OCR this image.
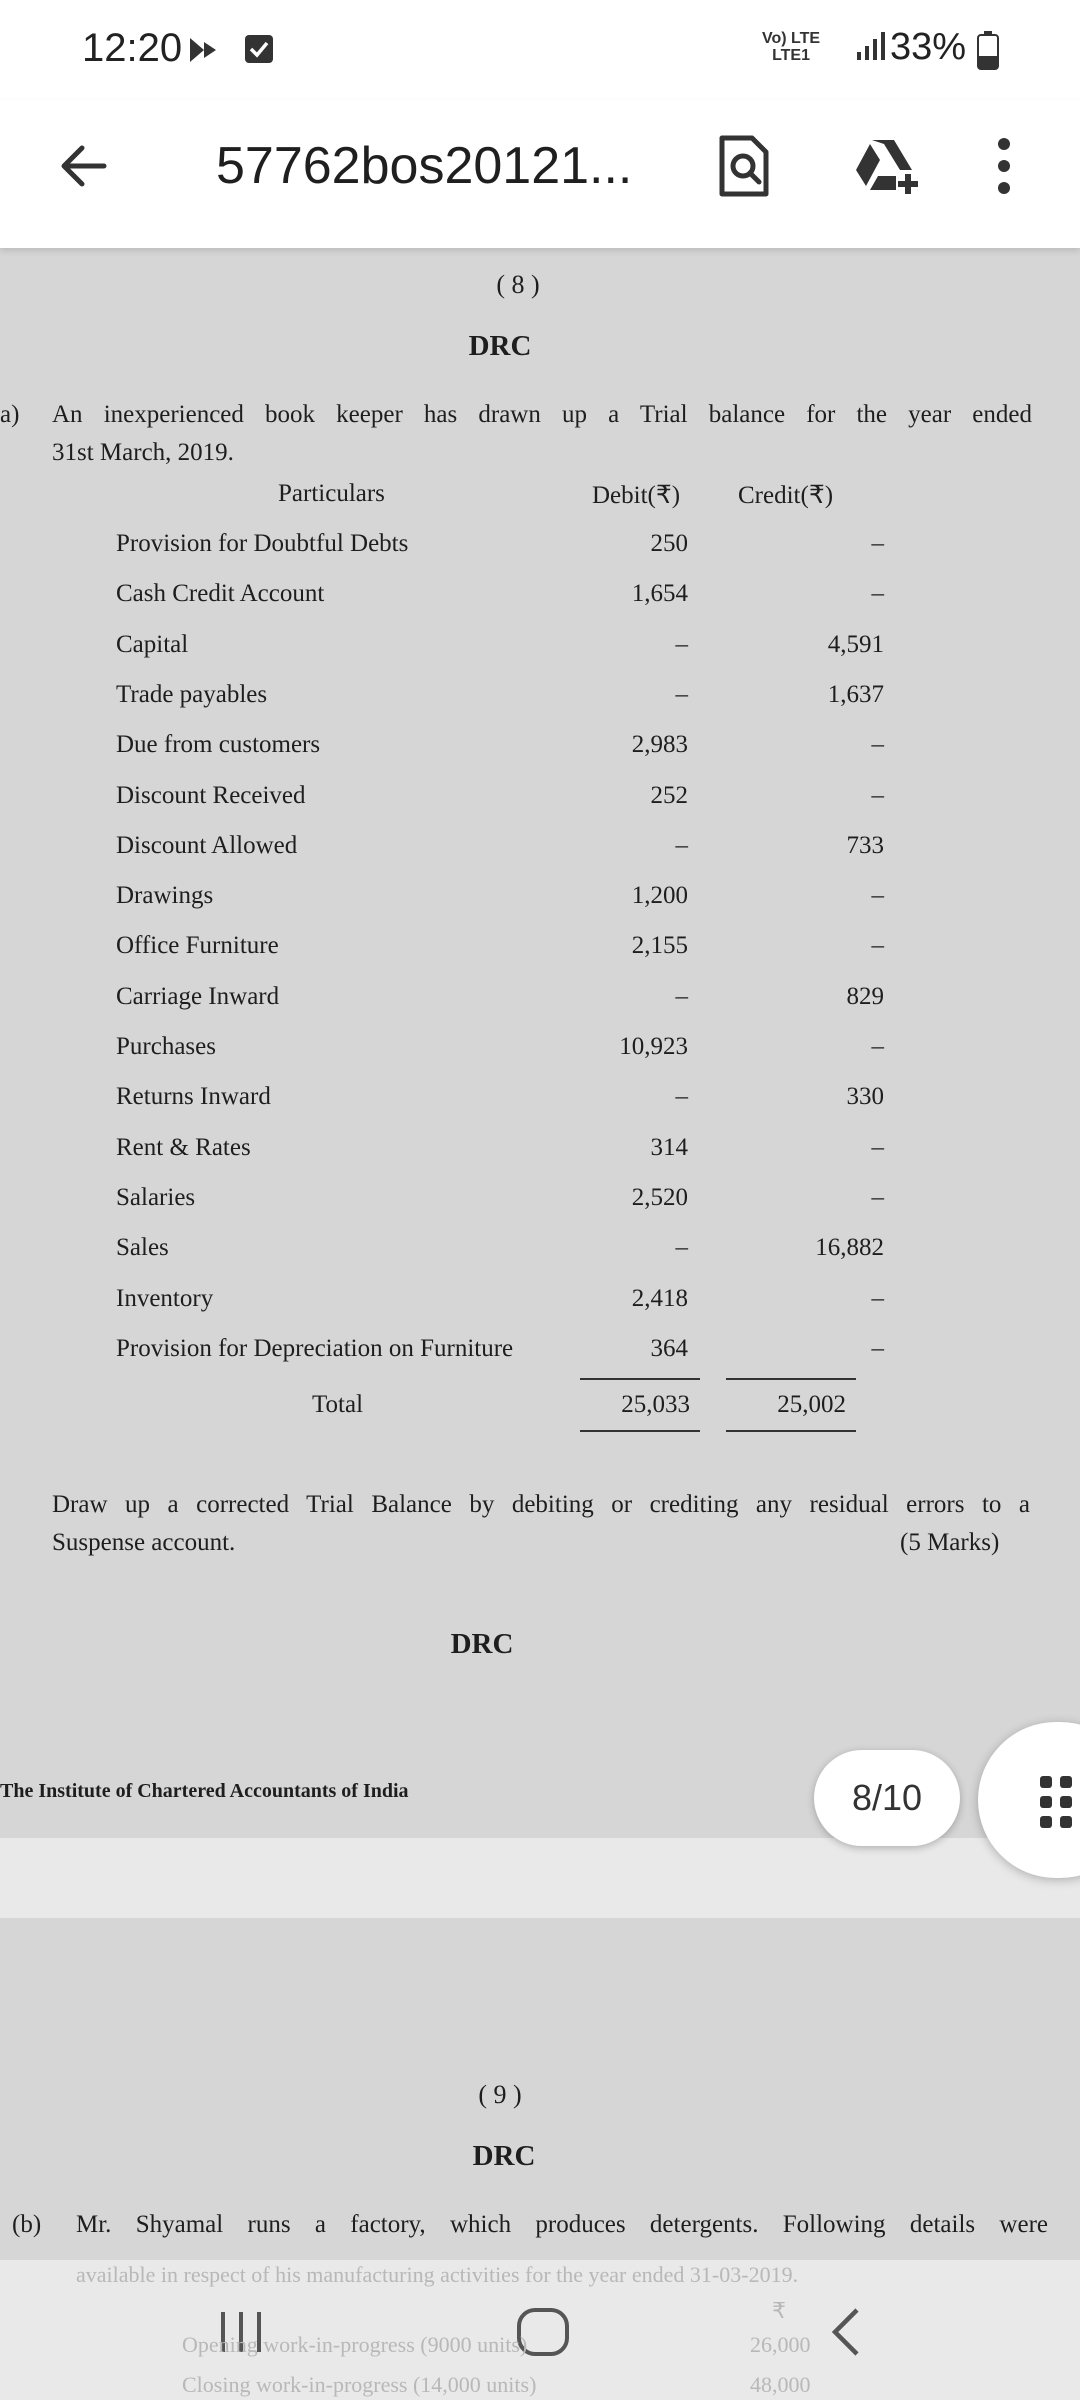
12:20	Vo) LTE
LTE1 33%
57762bos20121...
( 8 )
DRC
a) An inexperienced book keeper has drawn up a Trial balance for the year ended
31st March, 2019.
Particulars	Debit(₹) Credit(₹)
Provision for Doubtful Debts	250	–
Cash Credit Account	1,654	–
Capital	–	4,591
Trade payables	–	1,637
Due from customers	2,983	–
Discount Received	252	–
Discount Allowed	–	733
Drawings	1,200	–
Office Furniture	2,155	–
Carriage Inward	–	829
Purchases	10,923	–
Returns Inward	–	330
Rent & Rates	314	–
Salaries	2,520	–
Sales	–	16,882
Inventory	2,418	–
Provision for Depreciation on Furniture	364	–
Total	25,033	25,002
Draw up a corrected Trial Balance by debiting or crediting any residual errors to a
Suspense account.	(5 Marks)
DRC
The Institute of Chartered Accountants of India
( 9 )
DRC
(b) Mr. Shyamal runs a factory, which produces detergents. Following details were
8/10
available in respect of his manufacturing activities for the year ended 31-03-2019.
₹
Opening work-in-progress (9000 units)	26,000
Closing work-in-progress (14,000 units)	48,000
